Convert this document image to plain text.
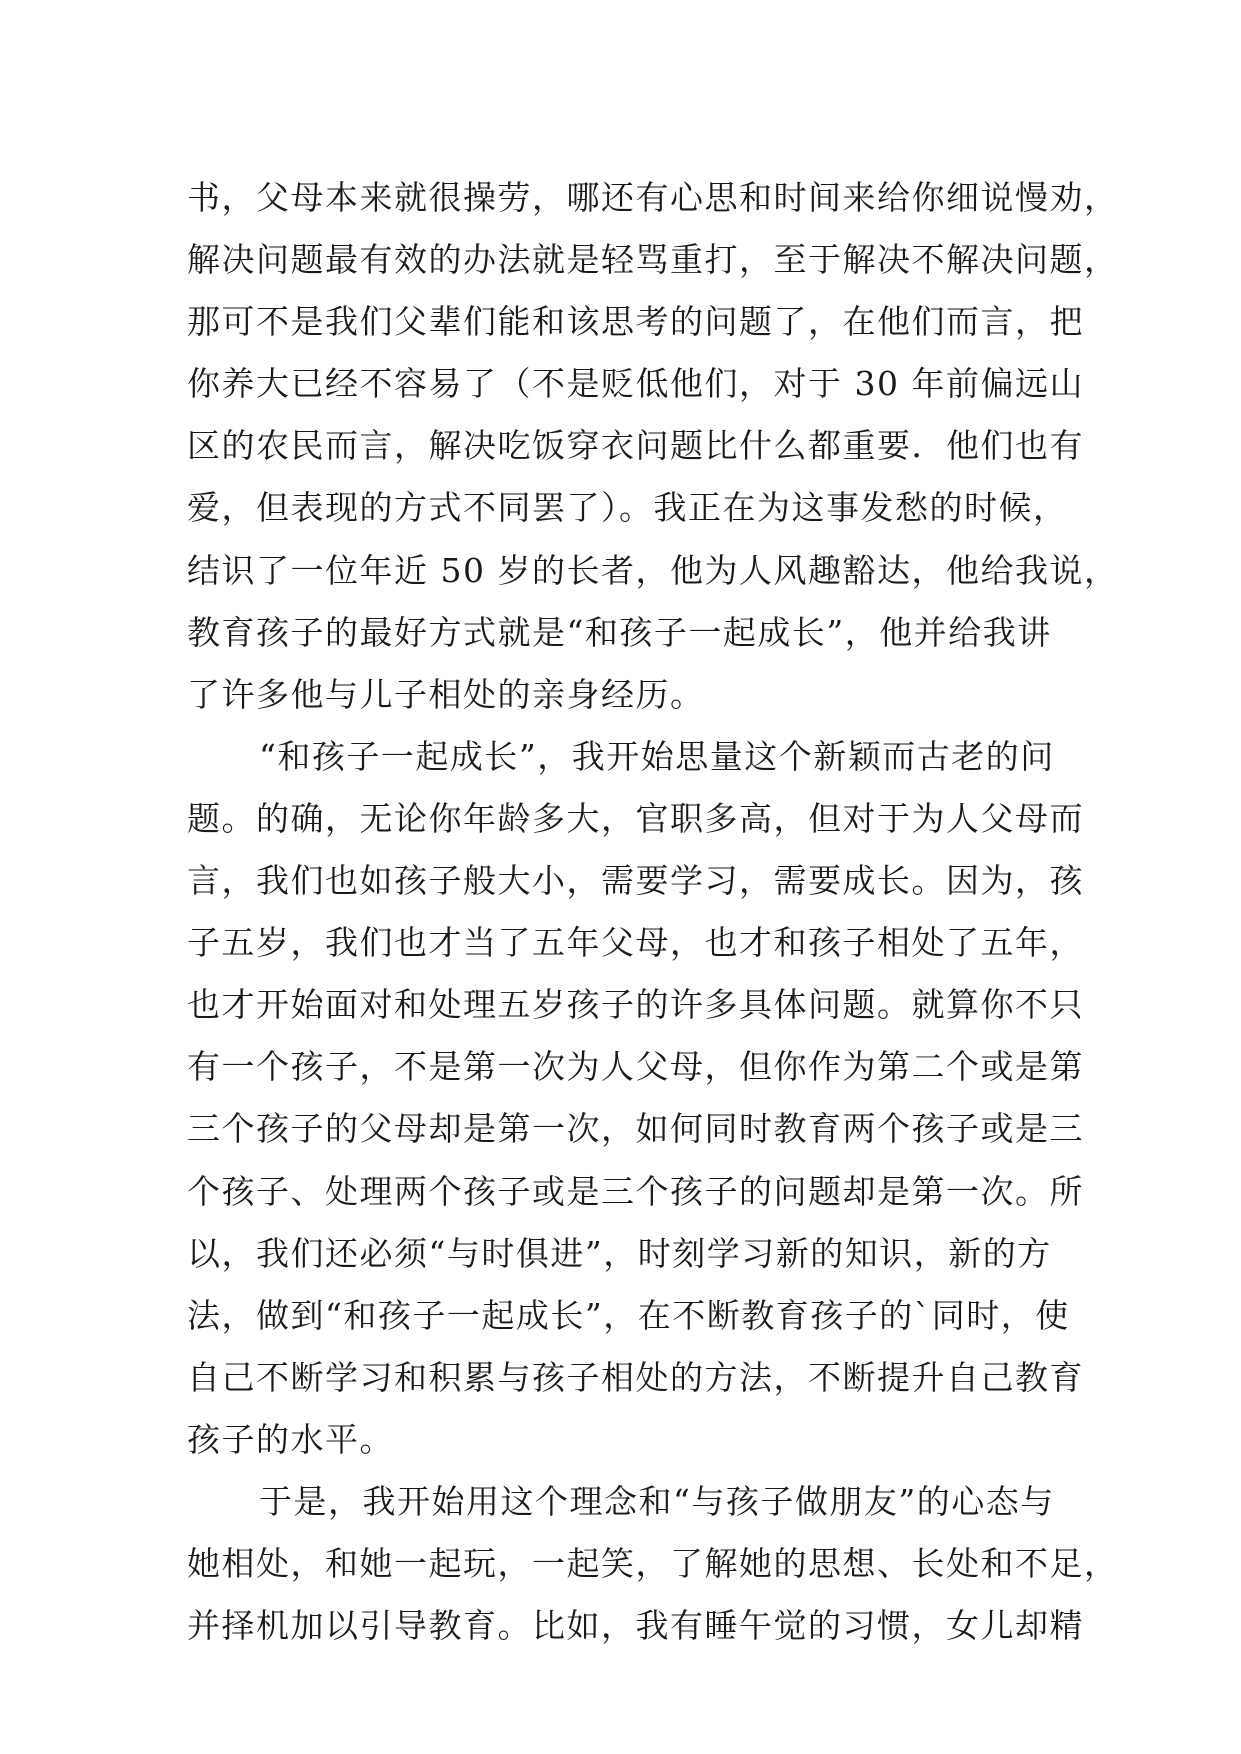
书，父母本来就很操劳，哪还有心思和时间来给你细说慢劝，
解决问题最有效的办法就是轻骂重打，至于解决不解决问题，
那可不是我们父辈们能和该思考的问题了，在他们而言，把
你养大已经不容易了（不是贬低他们，对于 30 年前偏远山
区的农民而言，解决吃饭穿衣问题比什么都重要．他们也有
爱，但表现的方式不同罢了）。我正在为这事发愁的时候，
结识了一位年近 50 岁的长者，他为人风趣豁达，他给我说，
教育孩子的最好方式就是“和孩子一起成长”，他并给我讲
了许多他与儿子相处的亲身经历。
“和孩子一起成长”，我开始思量这个新颖而古老的问
题。的确，无论你年龄多大，官职多高，但对于为人父母而
言，我们也如孩子般大小，需要学习，需要成长。因为，孩
子五岁，我们也才当了五年父母，也才和孩子相处了五年，
也才开始面对和处理五岁孩子的许多具体问题。就算你不只
有一个孩子，不是第一次为人父母，但你作为第二个或是第
三个孩子的父母却是第一次，如何同时教育两个孩子或是三
个孩子、处理两个孩子或是三个孩子的问题却是第一次。所
以，我们还必须“与时俱进”，时刻学习新的知识，新的方
法，做到“和孩子一起成长”，在不断教育孩子的`同时，使
自己不断学习和积累与孩子相处的方法，不断提升自己教育
孩子的水平。
于是，我开始用这个理念和“与孩子做朋友”的心态与
她相处，和她一起玩，一起笑，了解她的思想、长处和不足，
并择机加以引导教育。比如，我有睡午觉的习惯，女儿却精
